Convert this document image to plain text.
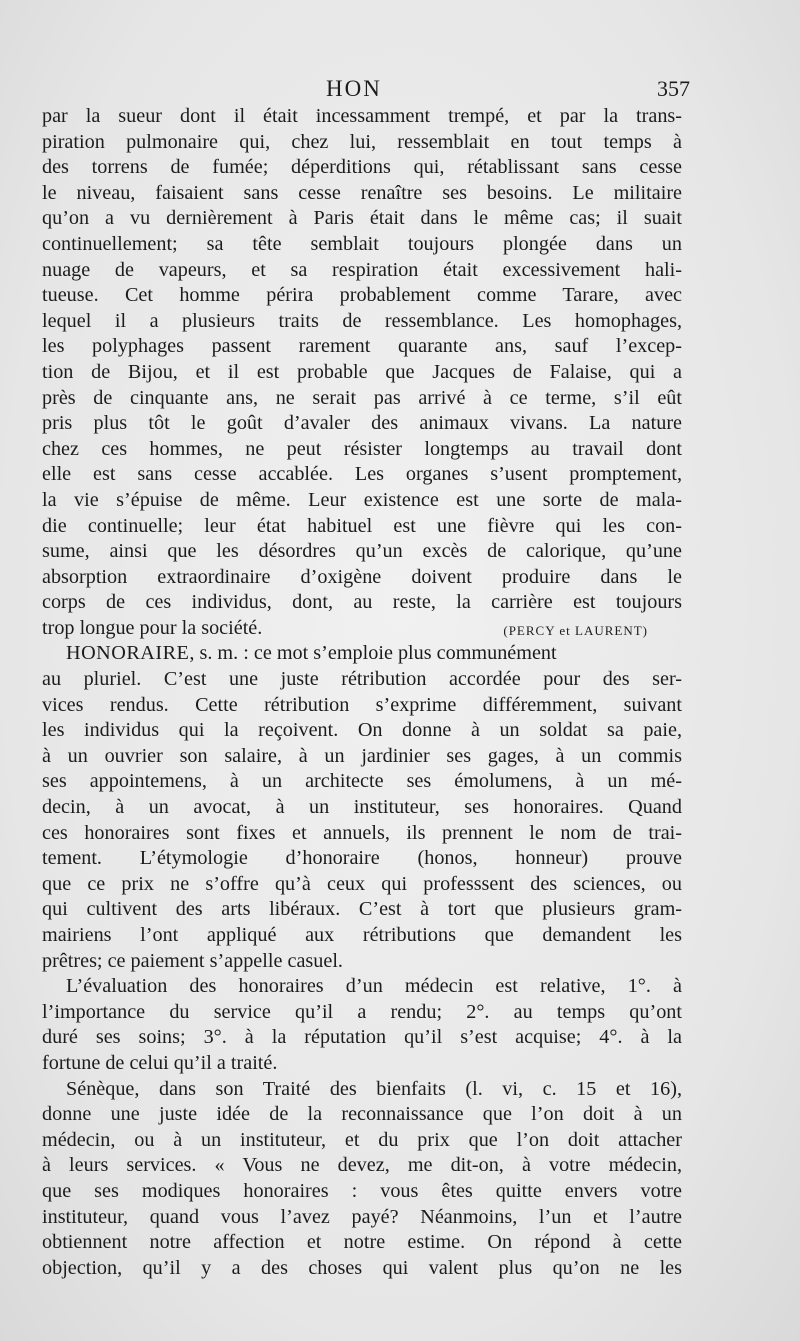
HON	357
par la sueur dont il était incessamment trempé, et par la trans-
piration pulmonaire qui, chez lui, ressemblait en tout temps à
des torrens de fumée; déperditions qui, rétablissant sans cesse
le niveau, faisaient sans cesse renaître ses besoins. Le militaire
qu’on a vu dernièrement à Paris était dans le même cas; il suait
continuellement; sa tête semblait toujours plongée dans un
nuage de vapeurs, et sa respiration était excessivement hali-
tueuse. Cet homme périra probablement comme Tarare, avec
lequel il a plusieurs traits de ressemblance. Les homophages,
les polyphages passent rarement quarante ans, sauf l’excep-
tion de Bijou, et il est probable que Jacques de Falaise, qui a
près de cinquante ans, ne serait pas arrivé à ce terme, s’il eût
pris plus tôt le goût d’avaler des animaux vivans. La nature
chez ces hommes, ne peut résister longtemps au travail dont
elle est sans cesse accablée. Les organes s’usent promptement,
la vie s’épuise de même. Leur existence est une sorte de mala-
die continuelle; leur état habituel est une fièvre qui les con-
sume, ainsi que les désordres qu’un excès de calorique, qu’une
absorption extraordinaire d’oxigène doivent produire dans le
corps de ces individus, dont, au reste, la carrière est toujours
trop longue pour la société.	(PERCY et LAURENT)
HONORAIRE, s. m. : ce mot s’emploie plus communément
au pluriel. C’est une juste rétribution accordée pour des ser-
vices rendus. Cette rétribution s’exprime différemment, suivant
les individus qui la reçoivent. On donne à un soldat sa paie,
à un ouvrier son salaire, à un jardinier ses gages, à un commis
ses appointemens, à un architecte ses émolumens, à un mé-
decin, à un avocat, à un instituteur, ses honoraires. Quand
ces honoraires sont fixes et annuels, ils prennent le nom de trai-
tement. L’étymologie d’honoraire (honos, honneur) prouve
que ce prix ne s’offre qu’à ceux qui professsent des sciences, ou
qui cultivent des arts libéraux. C’est à tort que plusieurs gram-
mairiens l’ont appliqué aux rétributions que demandent les
prêtres; ce paiement s’appelle casuel.
L’évaluation des honoraires d’un médecin est relative, 1°. à
l’importance du service qu’il a rendu; 2°. au temps qu’ont
duré ses soins; 3°. à la réputation qu’il s’est acquise; 4°. à la
fortune de celui qu’il a traité.
Sénèque, dans son Traité des bienfaits (l. vi, c. 15 et 16),
donne une juste idée de la reconnaissance que l’on doit à un
médecin, ou à un instituteur, et du prix que l’on doit attacher
à leurs services. « Vous ne devez, me dit-on, à votre médecin,
que ses modiques honoraires : vous êtes quitte envers votre
instituteur, quand vous l’avez payé? Néanmoins, l’un et l’autre
obtiennent notre affection et notre estime. On répond à cette
objection, qu’il y a des choses qui valent plus qu’on ne les
